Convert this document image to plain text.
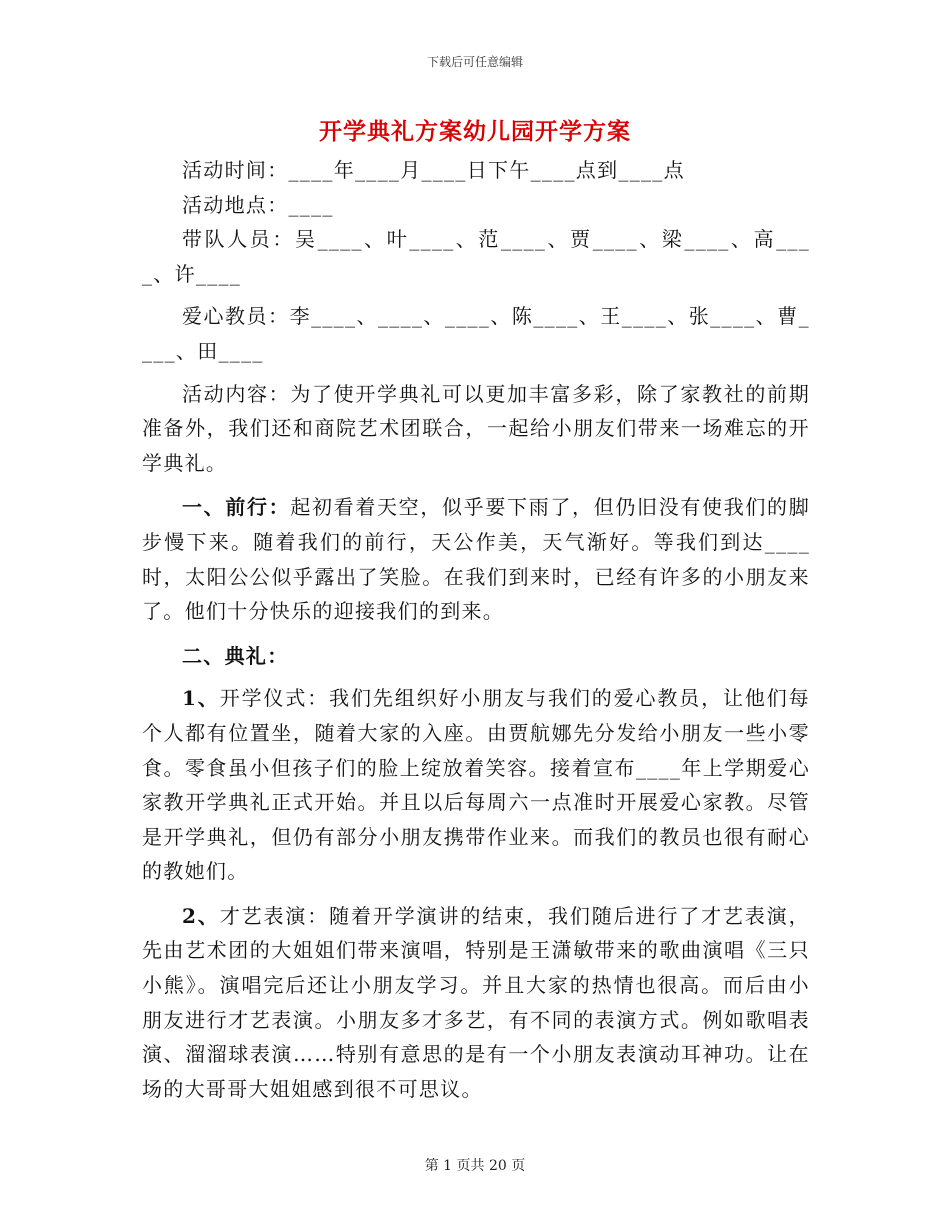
下载后可任意编辑
开学典礼方案幼儿园开学方案

活动时间：____年____月____日下午____点到____点

活动地点：____

带队人员：吴____、叶____、范____、贾____、梁____、高____、许____

爱心教员：李____、____、____、陈____、王____、张____、曹____、田____

活动内容：为了使开学典礼可以更加丰富多彩，除了家教社的前期准备外，我们还和商院艺术团联合，一起给小朋友们带来一场难忘的开学典礼。

一、前行：起初看着天空，似乎要下雨了，但仍旧没有使我们的脚步慢下来。随着我们的前行，天公作美，天气渐好。等我们到达____时，太阳公公似乎露出了笑脸。在我们到来时，已经有许多的小朋友来了。他们十分快乐的迎接我们的到来。

二、典礼：

1、开学仪式：我们先组织好小朋友与我们的爱心教员，让他们每个人都有位置坐，随着大家的入座。由贾航娜先分发给小朋友一些小零食。零食虽小但孩子们的脸上绽放着笑容。接着宣布____年上学期爱心家教开学典礼正式开始。并且以后每周六一点准时开展爱心家教。尽管是开学典礼，但仍有部分小朋友携带作业来。而我们的教员也很有耐心的教她们。

2、才艺表演：随着开学演讲的结束，我们随后进行了才艺表演，先由艺术团的大姐姐们带来演唱，特别是王潇敏带来的歌曲演唱《三只小熊》。演唱完后还让小朋友学习。并且大家的热情也很高。而后由小朋友进行才艺表演。小朋友多才多艺，有不同的表演方式。例如歌唱表演、溜溜球表演……特别有意思的是有一个小朋友表演动耳神功。让在场的大哥哥大姐姐感到很不可思议。

第 1 页共 20 页
